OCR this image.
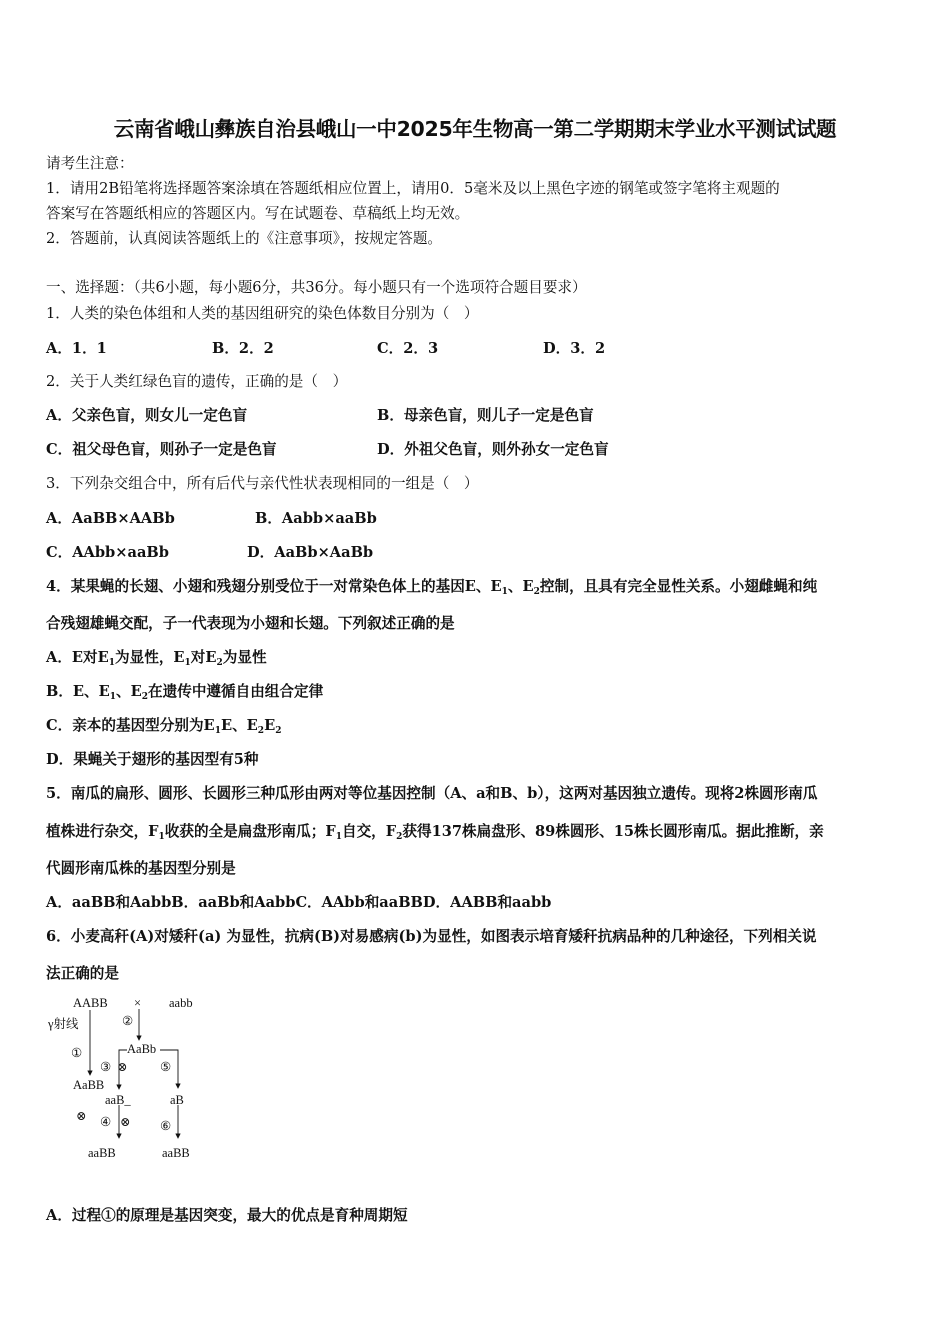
云南省峨山彝族自治县峨山一中2025年生物高一第二学期期末学业水平测试试题
请考生注意：
1．请用2B铅笔将选择题答案涂填在答题纸相应位置上，请用0．5毫米及以上黑色字迹的钢笔或签字笔将主观题的
答案写在答题纸相应的答题区内。写在试题卷、草稿纸上均无效。
2．答题前，认真阅读答题纸上的《注意事项》，按规定答题。
一、选择题：（共6小题，每小题6分，共36分。每小题只有一个选项符合题目要求）
1．人类的染色体组和人类的基因组研究的染色体数目分别为（　）
A．1．1	B．2．2	C．2．3	D．3．2
2．关于人类红绿色盲的遗传，正确的是（　）
A．父亲色盲，则女儿一定色盲	B．母亲色盲，则儿子一定是色盲
C．祖父母色盲，则孙子一定是色盲	D．外祖父色盲，则外孙女一定色盲
3．下列杂交组合中，所有后代与亲代性状表现相同的一组是（　）
A．AaBB×AABb	B．Aabb×aaBb
C．AAbb×aaBb	D．AaBb×AaBb
4．某果蝇的长翅、小翅和残翅分别受位于一对常染色体上的基因E、$E_1$、$E_2$控制，且具有完全显性关系。小翅雌蝇和纯
合残翅雄蝇交配，子一代表现为小翅和长翅。下列叙述正确的是
A．E对$E_1$为显性，$E_1$对$E_2$为显性
B．E、$E_1$、$E_2$在遗传中遵循自由组合定律
C．亲本的基因型分别为$E_1E$、$E_2E_2$
D．果蝇关于翅形的基因型有5种
5．南瓜的扁形、圆形、长圆形三种瓜形由两对等位基因控制（A、a和B、b），这两对基因独立遗传。现将2株圆形南瓜
植株进行杂交，$F_1$收获的全是扁盘形南瓜；$F_1$自交，$F_2$获得137株扁盘形、89株圆形、15株长圆形南瓜。据此推断，亲
代圆形南瓜株的基因型分别是
A．aaBB和AabbB．aaBb和AabbC．AAbb和aaBBD．AABB和aabb
6．小麦高秆(A)对矮秆(a) 为显性，抗病(B)对易感病(b)为显性，如图表示培育矮秆抗病品种的几种途径，下列相关说
法正确的是
AABB × aabb
γ射线
①
②
AaBb
③ ⊗	⑤
AaBB
aaB_	aB
⊗ ④ ⊗ ⑥
aaBB	aaBB
A．过程①的原理是基因突变，最大的优点是育种周期短
